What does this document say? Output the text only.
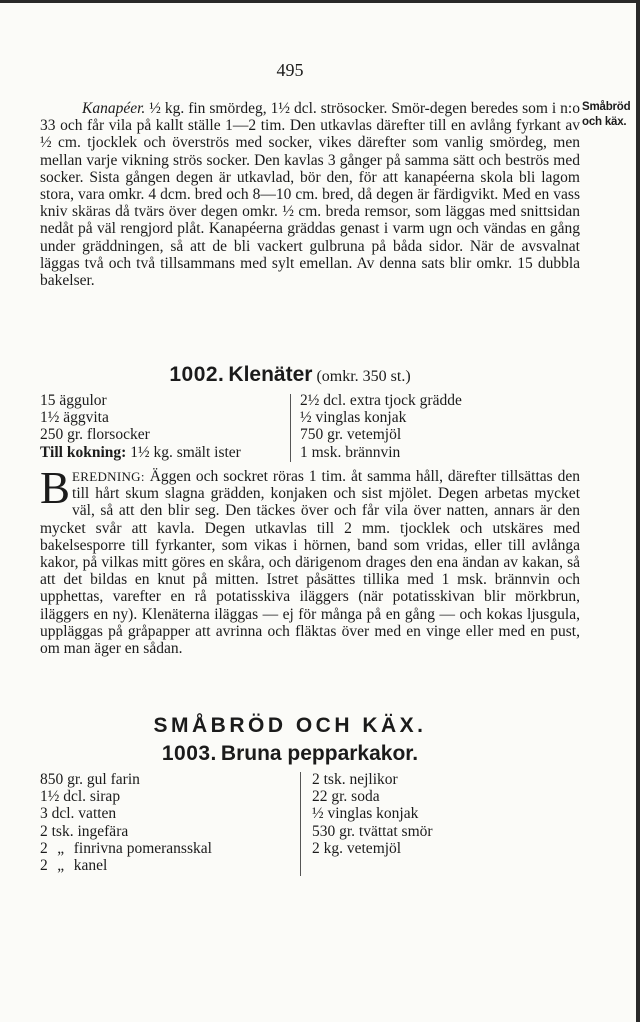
495
Småbröd
och käx.
Kanapéer. ½ kg. fin smördeg, 1½ dcl. strösocker. Smör-degen beredes som i n:o 33 och får vila på kallt ställe 1—2 tim. Den utkavlas därefter till en avlång fyrkant av ½ cm. tjocklek och överströs med socker, vikes därefter som vanlig smördeg, men mellan varje vikning strös socker. Den kavlas 3 gånger på samma sätt och beströs med socker. Sista gången degen är utkavlad, bör den, för att kanapéerna skola bli lagom stora, vara omkr. 4 dcm. bred och 8—10 cm. bred, då degen är färdigvikt. Med en vass kniv skäras då tvärs över degen omkr. ½ cm. breda remsor, som läggas med snittsidan nedåt på väl rengjord plåt. Kanapéerna gräddas genast i varm ugn och vändas en gång under gräddningen, så att de bli vackert gulbruna på båda sidor. När de avsvalnat läggas två och två tillsammans med sylt emellan. Av denna sats blir omkr. 15 dubbla bakelser.
1002. Klenäter (omkr. 350 st.)
15 äggulor
1½ äggvita
250 gr. florsocker
Till kokning: 1½ kg. smält ister
2½ dcl. extra tjock grädde
½ vinglas konjak
750 gr. vetemjöl
1 msk. brännvin
BEREDNING: Äggen och sockret röras 1 tim. åt samma håll, därefter tillsättas den till hårt skum slagna grädden, konjaken och sist mjölet. Degen arbetas mycket väl, så att den blir seg. Den täckes över och får vila över natten, annars är den mycket svår att kavla. Degen utkavlas till 2 mm. tjocklek och utskäres med bakelsesporre till fyrkanter, som vikas i hörnen, band som vridas, eller till avlånga kakor, på vilkas mitt göres en skåra, och därigenom drages den ena ändan av kakan, så att det bildas en knut på mitten. Istret påsättes tillika med 1 msk. brännvin och upphettas, varefter en rå potatisskiva iläggers (när potatisskivan blir mörkbrun, iläggers en ny). Klenäterna iläggas — ej för många på en gång — och kokas ljusgula, uppläggas på gråpapper att avrinna och fläktas över med en vinge eller med en pust, om man äger en sådan.
SMÅBRÖD OCH KÄX.
1003. Bruna pepparkakor.
850 gr. gul farin
1½ dcl. sirap
3 dcl. vatten
2 tsk. ingefära
2 „ finrivna pomeransskal
2 „ kanel
2 tsk. nejlikor
22 gr. soda
½ vinglas konjak
530 gr. tvättat smör
2 kg. vetemjöl
